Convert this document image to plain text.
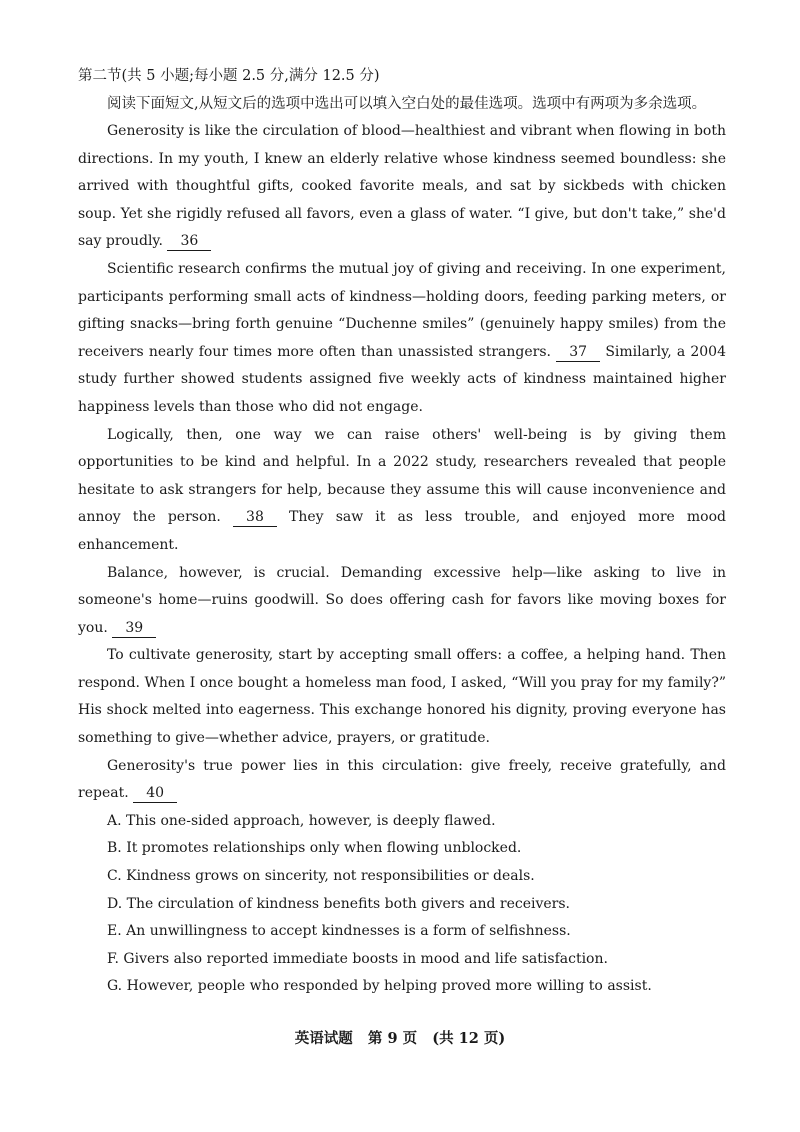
第二节(共 5 小题;每小题 2.5 分,满分 12.5 分)
阅读下面短文,从短文后的选项中选出可以填入空白处的最佳选项。选项中有两项为多余选项。
Generosity is like the circulation of blood—healthiest and vibrant when flowing in both directions. In my youth, I knew an elderly relative whose kindness seemed boundless: she arrived with thoughtful gifts, cooked favorite meals, and sat by sickbeds with chicken soup. Yet she rigidly refused all favors, even a glass of water. “I give, but don't take,” she'd say proudly. 36
Scientific research confirms the mutual joy of giving and receiving. In one experiment, participants performing small acts of kindness—holding doors, feeding parking meters, or gifting snacks—bring forth genuine “Duchenne smiles” (genuinely happy smiles) from the receivers nearly four times more often than unassisted strangers. 37 Similarly, a 2004 study further showed students assigned five weekly acts of kindness maintained higher happiness levels than those who did not engage.
Logically, then, one way we can raise others' well-being is by giving them opportunities to be kind and helpful. In a 2022 study, researchers revealed that people hesitate to ask strangers for help, because they assume this will cause inconvenience and annoy the person. 38 They saw it as less trouble, and enjoyed more mood enhancement.
Balance, however, is crucial. Demanding excessive help—like asking to live in someone's home—ruins goodwill. So does offering cash for favors like moving boxes for you. 39
To cultivate generosity, start by accepting small offers: a coffee, a helping hand. Then respond. When I once bought a homeless man food, I asked, “Will you pray for my family?” His shock melted into eagerness. This exchange honored his dignity, proving everyone has something to give—whether advice, prayers, or gratitude.
Generosity's true power lies in this circulation: give freely, receive gratefully, and repeat. 40
A. This one-sided approach, however, is deeply flawed.
B. It promotes relationships only when flowing unblocked.
C. Kindness grows on sincerity, not responsibilities or deals.
D. The circulation of kindness benefits both givers and receivers.
E. An unwillingness to accept kindnesses is a form of selfishness.
F. Givers also reported immediate boosts in mood and life satisfaction.
G. However, people who responded by helping proved more willing to assist.
英语试题 第 9 页 (共 12 页)
